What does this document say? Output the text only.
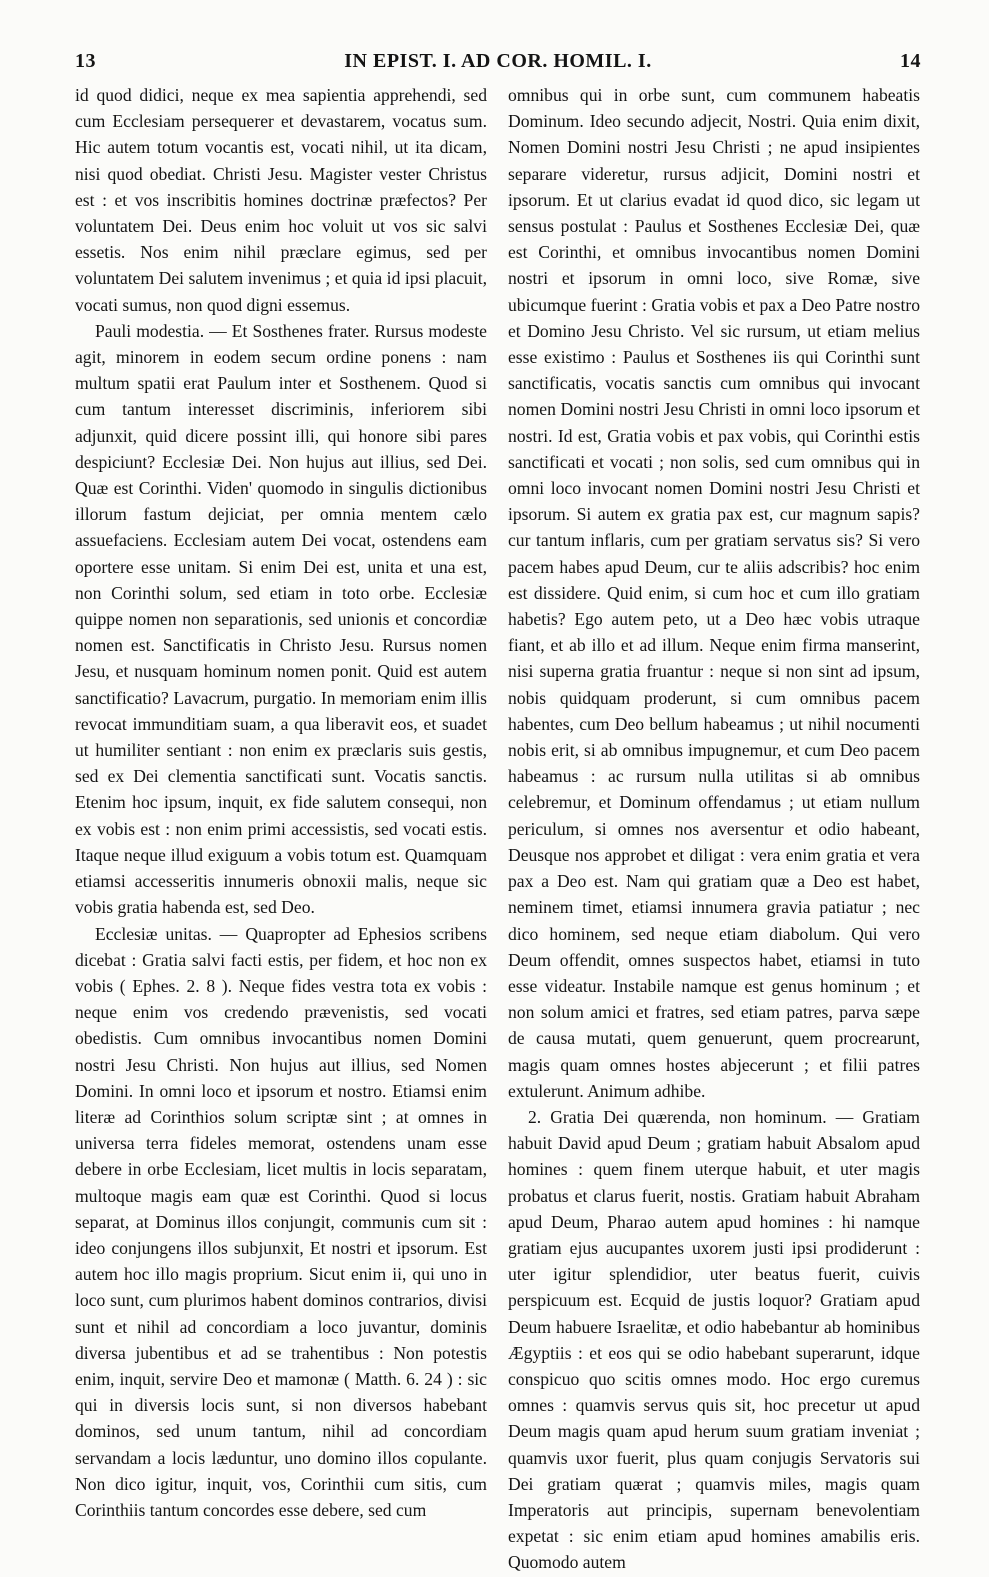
13	IN EPIST. I. AD COR. HOMIL. I.	14

id quod didici, neque ex mea sapientia apprehendi, sed cum Ecclesiam persequerer et devastarem, vocatus sum. Hic autem totum vocantis est, vocati nihil, ut ita dicam, nisi quod obediat. Christi Jesu. Magister vester Christus est : et vos inscribitis homines doctrinæ præfectos? Per voluntatem Dei. Deus enim hoc voluit ut vos sic salvi essetis. Nos enim nihil præclare egimus, sed per voluntatem Dei salutem invenimus ; et quia id ipsi placuit, vocati sumus, non quod digni essemus.

Pauli modestia. — Et Sosthenes frater. Rursus modeste agit, minorem in eodem secum ordine ponens : nam multum spatii erat Paulum inter et Sosthenem. Quod si cum tantum interesset discriminis, inferiorem sibi adjunxit, quid dicere possint illi, qui honore sibi pares despiciunt? Ecclesiæ Dei. Non hujus aut illius, sed Dei. Quæ est Corinthi. Viden' quomodo in singulis dictionibus illorum fastum dejiciat, per omnia mentem cælo assuefaciens. Ecclesiam autem Dei vocat, ostendens eam oportere esse unitam. Si enim Dei est, unita et una est, non Corinthi solum, sed etiam in toto orbe. Ecclesiæ quippe nomen non separationis, sed unionis et concordiæ nomen est. Sanctificatis in Christo Jesu. Rursus nomen Jesu, et nusquam hominum nomen ponit. Quid est autem sanctificatio? Lavacrum, purgatio. In memoriam enim illis revocat immunditiam suam, a qua liberavit eos, et suadet ut humiliter sentiant : non enim ex præclaris suis gestis, sed ex Dei clementia sanctificati sunt. Vocatis sanctis. Etenim hoc ipsum, inquit, ex fide salutem consequi, non ex vobis est : non enim primi accessistis, sed vocati estis. Itaque neque illud exiguum a vobis totum est. Quamquam etiamsi accesseritis innumeris obnoxii malis, neque sic vobis gratia habenda est, sed Deo.

Ecclesiæ unitas. — Quapropter ad Ephesios scribens dicebat : Gratia salvi facti estis, per fidem, et hoc non ex vobis ( Ephes. 2. 8 ). Neque fides vestra tota ex vobis : neque enim vos credendo prævenistis, sed vocati obedistis. Cum omnibus invocantibus nomen Domini nostri Jesu Christi. Non hujus aut illius, sed Nomen Domini. In omni loco et ipsorum et nostro. Etiamsi enim literæ ad Corinthios solum scriptæ sint ; at omnes in universa terra fideles memorat, ostendens unam esse debere in orbe Ecclesiam, licet multis in locis separatam, multoque magis eam quæ est Corinthi. Quod si locus separat, at Dominus illos conjungit, communis cum sit : ideo conjungens illos subjunxit, Et nostri et ipsorum. Est autem hoc illo magis proprium. Sicut enim ii, qui uno in loco sunt, cum plurimos habent dominos contrarios, divisi sunt et nihil ad concordiam a loco juvantur, dominis diversa jubentibus et ad se trahentibus : Non potestis enim, inquit, servire Deo et mamonæ ( Matth. 6. 24 ) : sic qui in diversis locis sunt, si non diversos habebant dominos, sed unum tantum, nihil ad concordiam servandam a locis læduntur, uno domino illos copulante. Non dico igitur, inquit, vos, Corinthii cum sitis, cum Corinthiis tantum concordes esse debere, sed cum

omnibus qui in orbe sunt, cum communem habeatis Dominum. Ideo secundo adjecit, Nostri. Quia enim dixit, Nomen Domini nostri Jesu Christi ; ne apud insipientes separare videretur, rursus adjicit, Domini nostri et ipsorum. Et ut clarius evadat id quod dico, sic legam ut sensus postulat : Paulus et Sosthenes Ecclesiæ Dei, quæ est Corinthi, et omnibus invocantibus nomen Domini nostri et ipsorum in omni loco, sive Romæ, sive ubicumque fuerint : Gratia vobis et pax a Deo Patre nostro et Domino Jesu Christo. Vel sic rursum, ut etiam melius esse existimo : Paulus et Sosthenes iis qui Corinthi sunt sanctificatis, vocatis sanctis cum omnibus qui invocant nomen Domini nostri Jesu Christi in omni loco ipsorum et nostri. Id est, Gratia vobis et pax vobis, qui Corinthi estis sanctificati et vocati ; non solis, sed cum omnibus qui in omni loco invocant nomen Domini nostri Jesu Christi et ipsorum. Si autem ex gratia pax est, cur magnum sapis? cur tantum inflaris, cum per gratiam servatus sis? Si vero pacem habes apud Deum, cur te aliis adscribis? hoc enim est dissidere. Quid enim, si cum hoc et cum illo gratiam habetis? Ego autem peto, ut a Deo hæc vobis utraque fiant, et ab illo et ad illum. Neque enim firma manserint, nisi superna gratia fruantur : neque si non sint ad ipsum, nobis quidquam proderunt, si cum omnibus pacem habentes, cum Deo bellum habeamus ; ut nihil nocumenti nobis erit, si ab omnibus impugnemur, et cum Deo pacem habeamus : ac rursum nulla utilitas si ab omnibus celebremur, et Dominum offendamus ; ut etiam nullum periculum, si omnes nos aversentur et odio habeant, Deusque nos approbet et diligat : vera enim gratia et vera pax a Deo est. Nam qui gratiam quæ a Deo est habet, neminem timet, etiamsi innumera gravia patiatur ; nec dico hominem, sed neque etiam diabolum. Qui vero Deum offendit, omnes suspectos habet, etiamsi in tuto esse videatur. Instabile namque est genus hominum ; et non solum amici et fratres, sed etiam patres, parva sæpe de causa mutati, quem genuerunt, quem procrearunt, magis quam omnes hostes abjecerunt ; et filii patres extulerunt. Animum adhibe.

2. Gratia Dei quærenda, non hominum. — Gratiam habuit David apud Deum ; gratiam habuit Absalom apud homines : quem finem uterque habuit, et uter magis probatus et clarus fuerit, nostis. Gratiam habuit Abraham apud Deum, Pharao autem apud homines : hi namque gratiam ejus aucupantes uxorem justi ipsi prodiderunt : uter igitur splendidior, uter beatus fuerit, cuivis perspicuum est. Ecquid de justis loquor? Gratiam apud Deum habuere Israelitæ, et odio habebantur ab hominibus Ægyptiis : et eos qui se odio habebant superarunt, idque conspicuo quo scitis omnes modo. Hoc ergo curemus omnes : quamvis servus quis sit, hoc precetur ut apud Deum magis quam apud herum suum gratiam inveniat ; quamvis uxor fuerit, plus quam conjugis Servatoris sui Dei gratiam quærat ; quamvis miles, magis quam Imperatoris aut principis, supernam benevolentiam expetat : sic enim etiam apud homines amabilis eris. Quomodo autem
